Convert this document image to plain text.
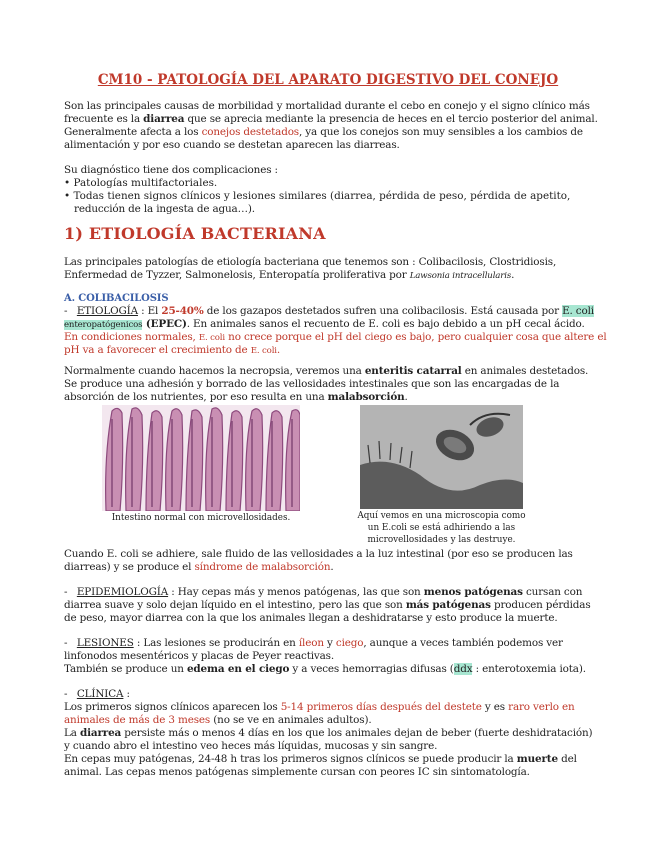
CM10 - PATOLOGÍA DEL APARATO DIGESTIVO DEL CONEJO
Son las principales causas de morbilidad y mortalidad durante el cebo en conejo y el signo clínico más
frecuente es la diarrea que se aprecia mediante la presencia de heces en el tercio posterior del animal.
Generalmente afecta a los conejos destetados, ya que los conejos son muy sensibles a los cambios de
alimentación y por eso cuando se destetan aparecen las diarreas.
Su diagnóstico tiene dos complicaciones :
• Patologías multifactoriales.
• Todas tienen signos clínicos y lesiones similares (diarrea, pérdida de peso, pérdida de apetito,
reducción de la ingesta de agua…).
1) ETIOLOGÍA BACTERIANA
Las principales patologías de etiología bacteriana que tenemos son : Colibacilosis, Clostridiosis,
Enfermedad de Tyzzer, Salmonelosis, Enteropatía proliferativa por Lawsonia intracellularis.
A. COLIBACILOSIS
- ETIOLOGÍA : El 25-40% de los gazapos destetados sufren una colibacilosis. Está causada por E. coli
enteropatógenicos (EPEC). En animales sanos el recuento de E. coli es bajo debido a un pH cecal ácido.
En condiciones normales, E. coli no crece porque el pH del ciego es bajo, pero cualquier cosa que altere el
pH va a favorecer el crecimiento de E. coli.
Normalmente cuando hacemos la necropsia, veremos una enteritis catarral en animales destetados.
Se produce una adhesión y borrado de las vellosidades intestinales que son las encargadas de la
absorción de los nutrientes, por eso resulta en una malabsorción.
Intestino normal con microvellosidades.	Aquí vemos en una microscopia como
un E.coli se está adhiriendo a las
microvellosidades y las destruye.
Cuando E. coli se adhiere, sale fluido de las vellosidades a la luz intestinal (por eso se producen las
diarreas) y se produce el síndrome de malabsorción.
- EPIDEMIOLOGÍA : Hay cepas más y menos patógenas, las que son menos patógenas cursan con
diarrea suave y solo dejan líquido en el intestino, pero las que son más patógenas producen pérdidas
de peso, mayor diarrea con la que los animales llegan a deshidratarse y esto produce la muerte.
- LESIONES : Las lesiones se producirán en íleon y ciego, aunque a veces también podemos ver
linfonodos mesentéricos y placas de Peyer reactivas.
También se produce un edema en el ciego y a veces hemorragias difusas (ddx : enterotoxemia iota).
- CLÍNICA :
Los primeros signos clínicos aparecen los 5-14 primeros días después del destete y es raro verlo en
animales de más de 3 meses (no se ve en animales adultos).
La diarrea persiste más o menos 4 días en los que los animales dejan de beber (fuerte deshidratación)
y cuando abro el intestino veo heces más líquidas, mucosas y sin sangre.
En cepas muy patógenas, 24-48 h tras los primeros signos clínicos se puede producir la muerte del
animal. Las cepas menos patógenas simplemente cursan con peores IC sin sintomatología.
